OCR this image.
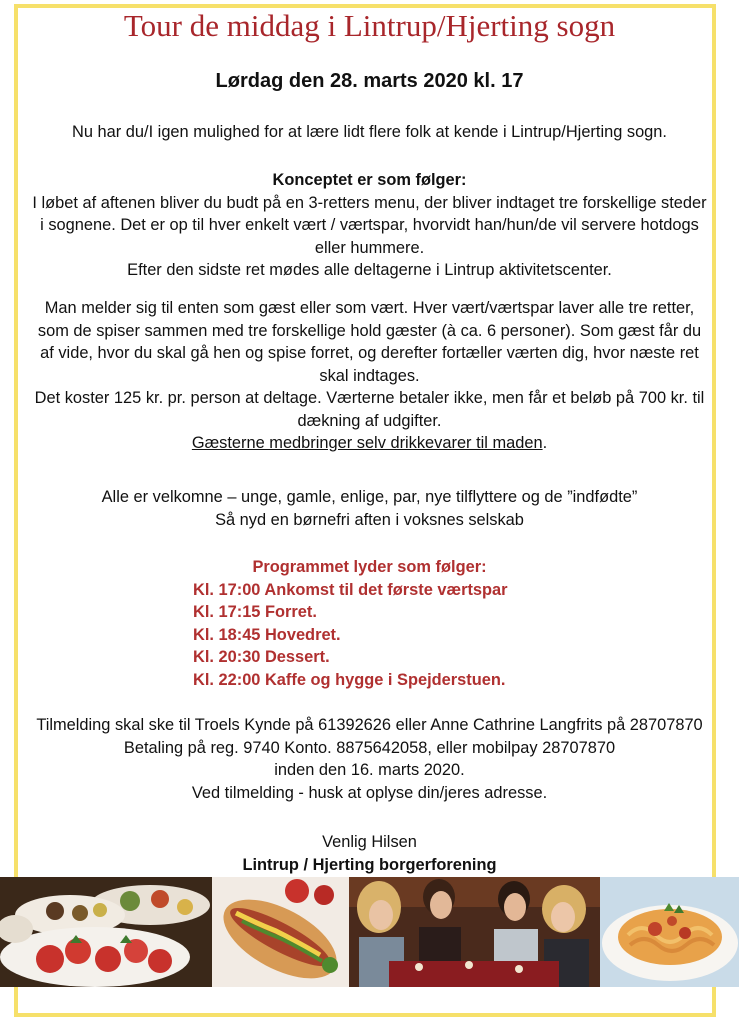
Tour de middag i Lintrup/Hjerting sogn
Lørdag den 28. marts 2020 kl. 17
Nu har du/I igen mulighed for at lære lidt flere folk at kende i Lintrup/Hjerting sogn.
Konceptet er som følger:
I løbet af aftenen bliver du budt på en 3-retters menu, der bliver indtaget tre forskellige steder
i sognene. Det er op til hver enkelt vært / værtspar, hvorvidt han/hun/de vil servere hotdogs
eller hummere.
Efter den sidste ret mødes alle deltagerne i Lintrup aktivitetscenter.
Man melder sig til enten som gæst eller som vært. Hver vært/værtspar laver alle tre retter,
som de spiser sammen med tre forskellige hold gæster (à ca. 6 personer). Som gæst får du
af vide, hvor du skal gå hen og spise forret, og derefter fortæller værten dig, hvor næste ret
skal indtages.
Det koster 125 kr. pr. person at deltage. Værterne betaler ikke, men får et beløb på 700 kr. til
dækning af udgifter.
Gæsterne medbringer selv drikkevarer til maden.
Alle er velkomne – unge, gamle, enlige, par, nye tilflyttere og de ”indfødte”
Så nyd en børnefri aften i voksnes selskab
Programmet lyder som følger:
Kl. 17:00 Ankomst til det første værtspar
Kl. 17:15 Forret.
Kl. 18:45 Hovedret.
Kl. 20:30 Dessert.
Kl. 22:00 Kaffe og hygge i Spejderstuen.
Tilmelding skal ske til Troels Kynde på 61392626 eller Anne Cathrine Langfrits på 28707870
Betaling på reg. 9740 Konto. 8875642058, eller mobilpay 28707870
inden den 16. marts 2020.
Ved tilmelding - husk at oplyse din/jeres adresse.
Venlig Hilsen
Lintrup / Hjerting borgerforening
